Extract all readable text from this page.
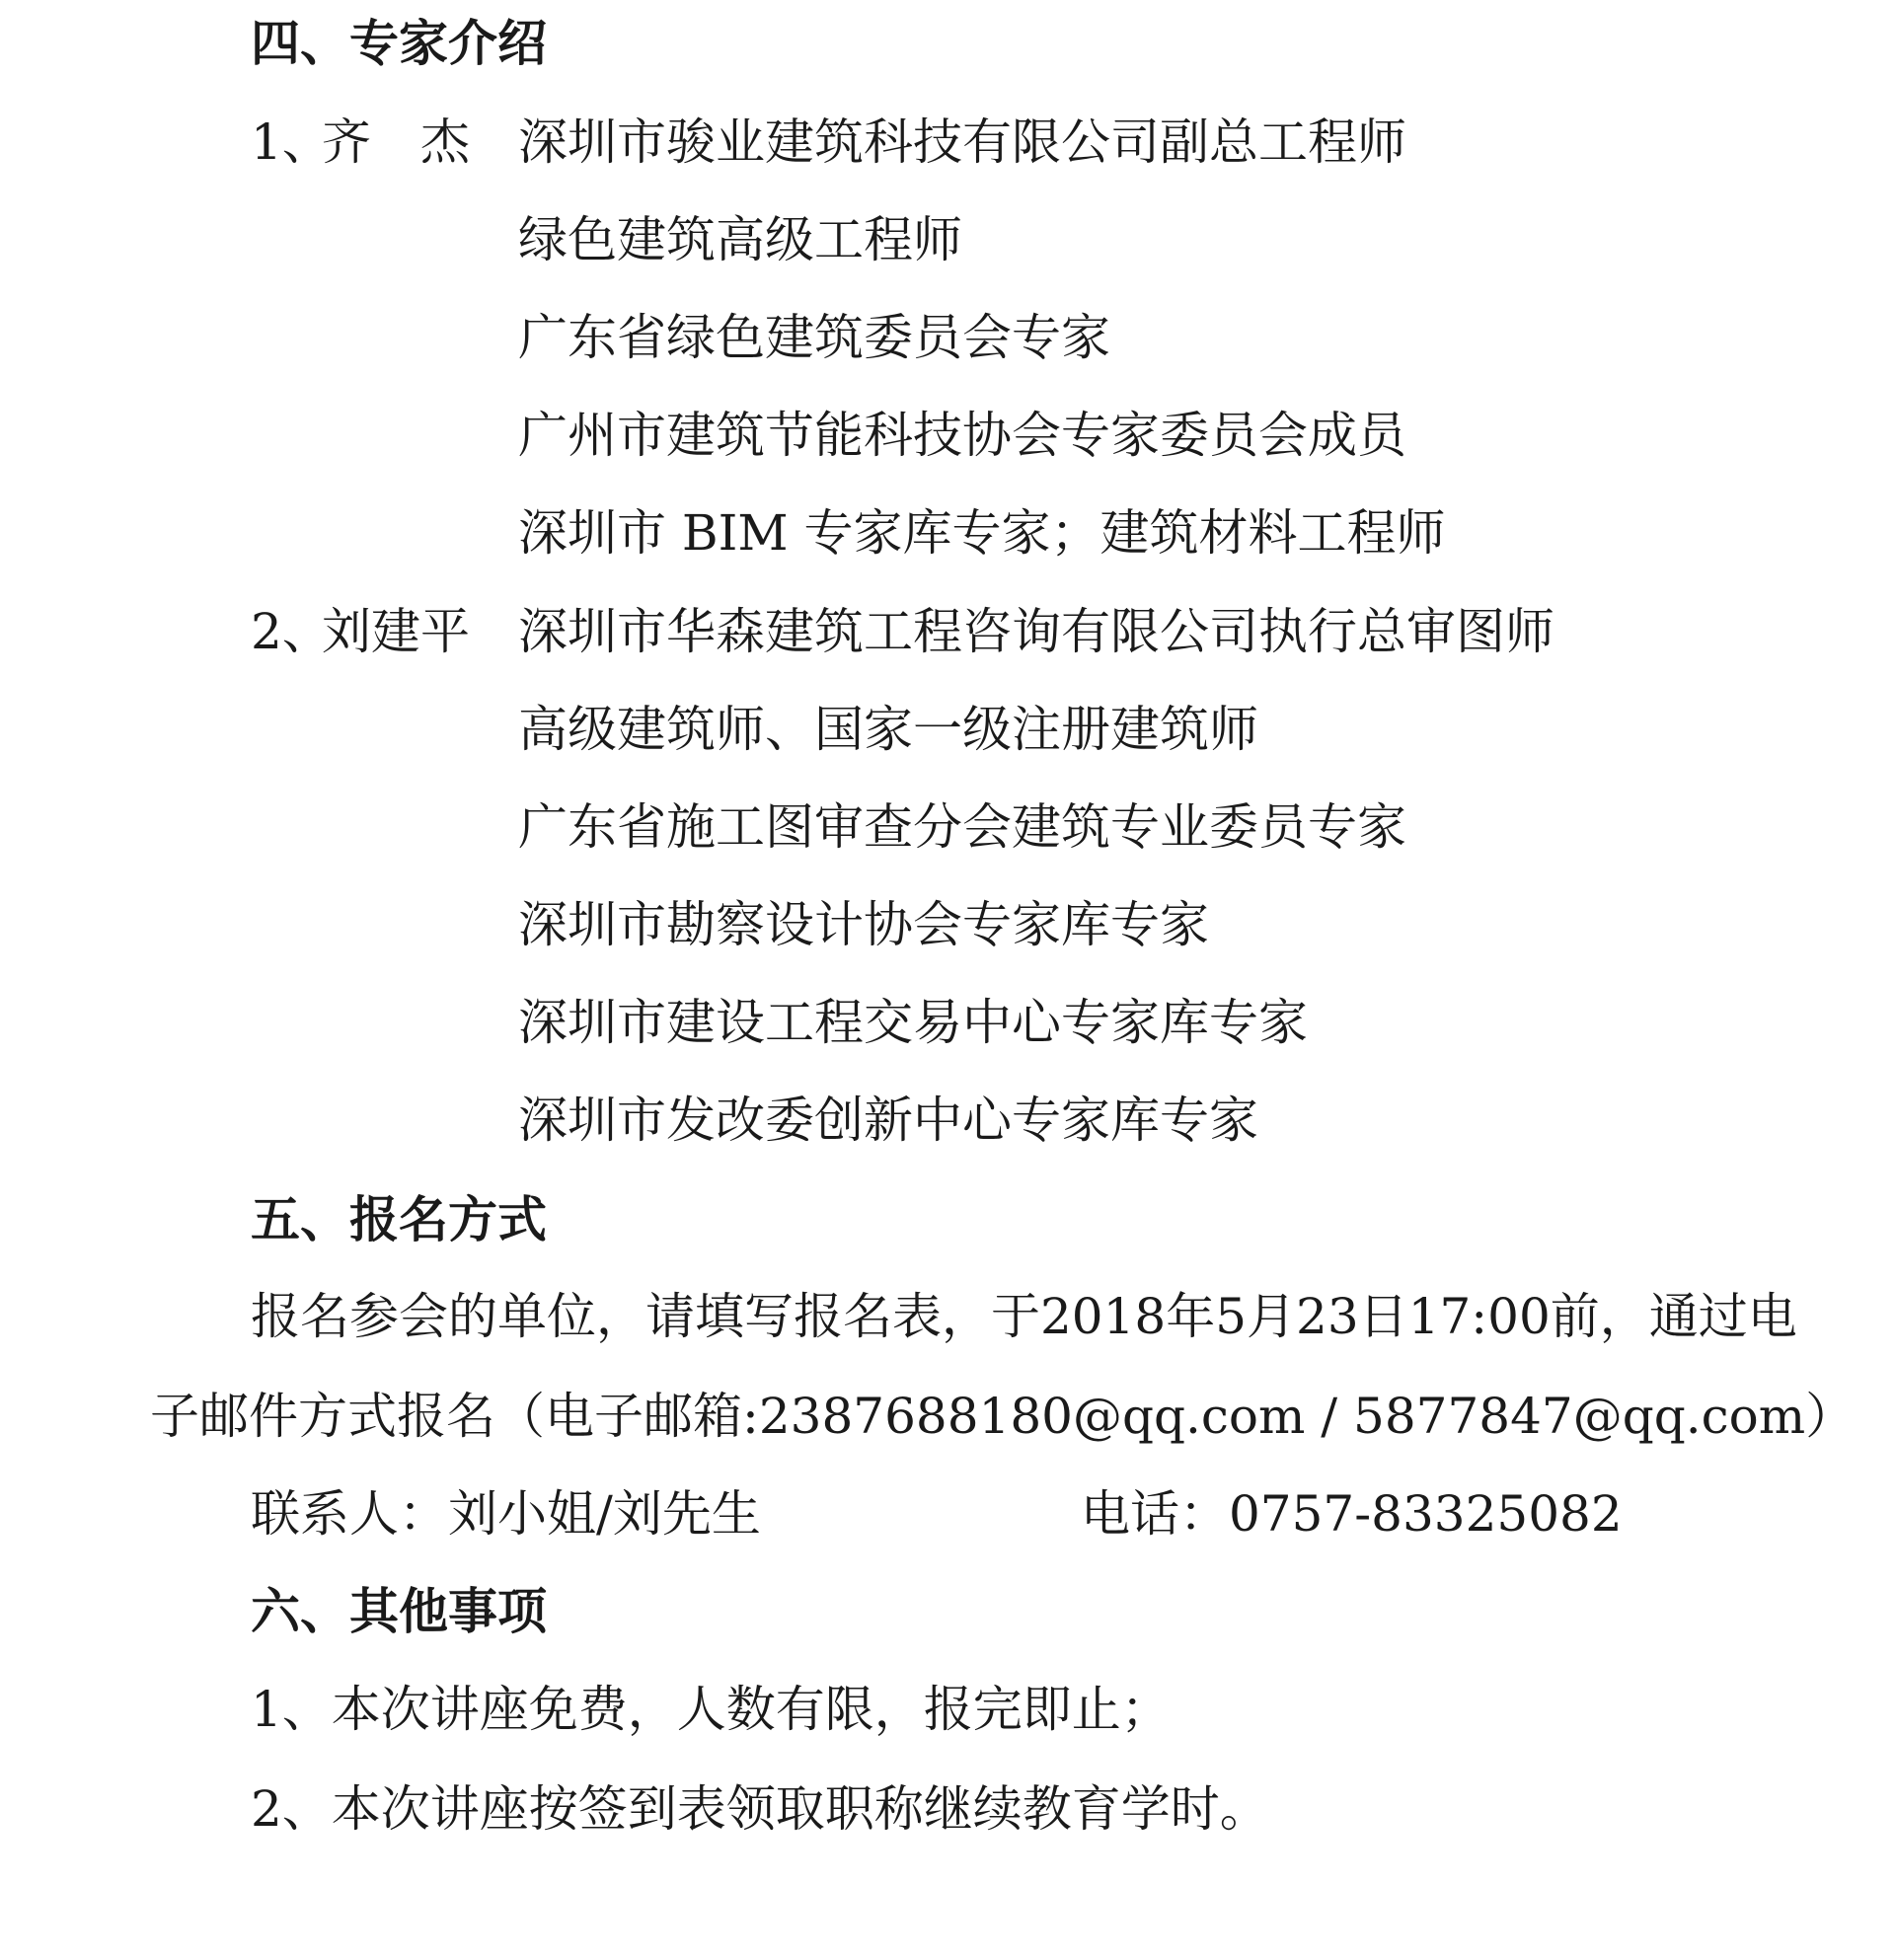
四、专家介绍
1、
齐　杰 深圳市骏业建筑科技有限公司副总工程师
绿色建筑高级工程师
广东省绿色建筑委员会专家
广州市建筑节能科技协会专家委员会成员
深圳市 BIM 专家库专家；建筑材料工程师
2、
刘建平 深圳市华森建筑工程咨询有限公司执行总审图师
高级建筑师、国家一级注册建筑师
广东省施工图审查分会建筑专业委员专家
深圳市勘察设计协会专家库专家
深圳市建设工程交易中心专家库专家
深圳市发改委创新中心专家库专家
五、报名方式
报名参会的单位，请填写报名表，于2018年5月23日17:00前，通过电
子邮件方式报名（电子邮箱:2387688180@qq.com / 5877847@qq.com）
联系人：刘小姐/刘先生	电话：0757-83325082
六、其他事项
1、本次讲座免费，人数有限，报完即止；
2、本次讲座按签到表领取职称继续教育学时。
